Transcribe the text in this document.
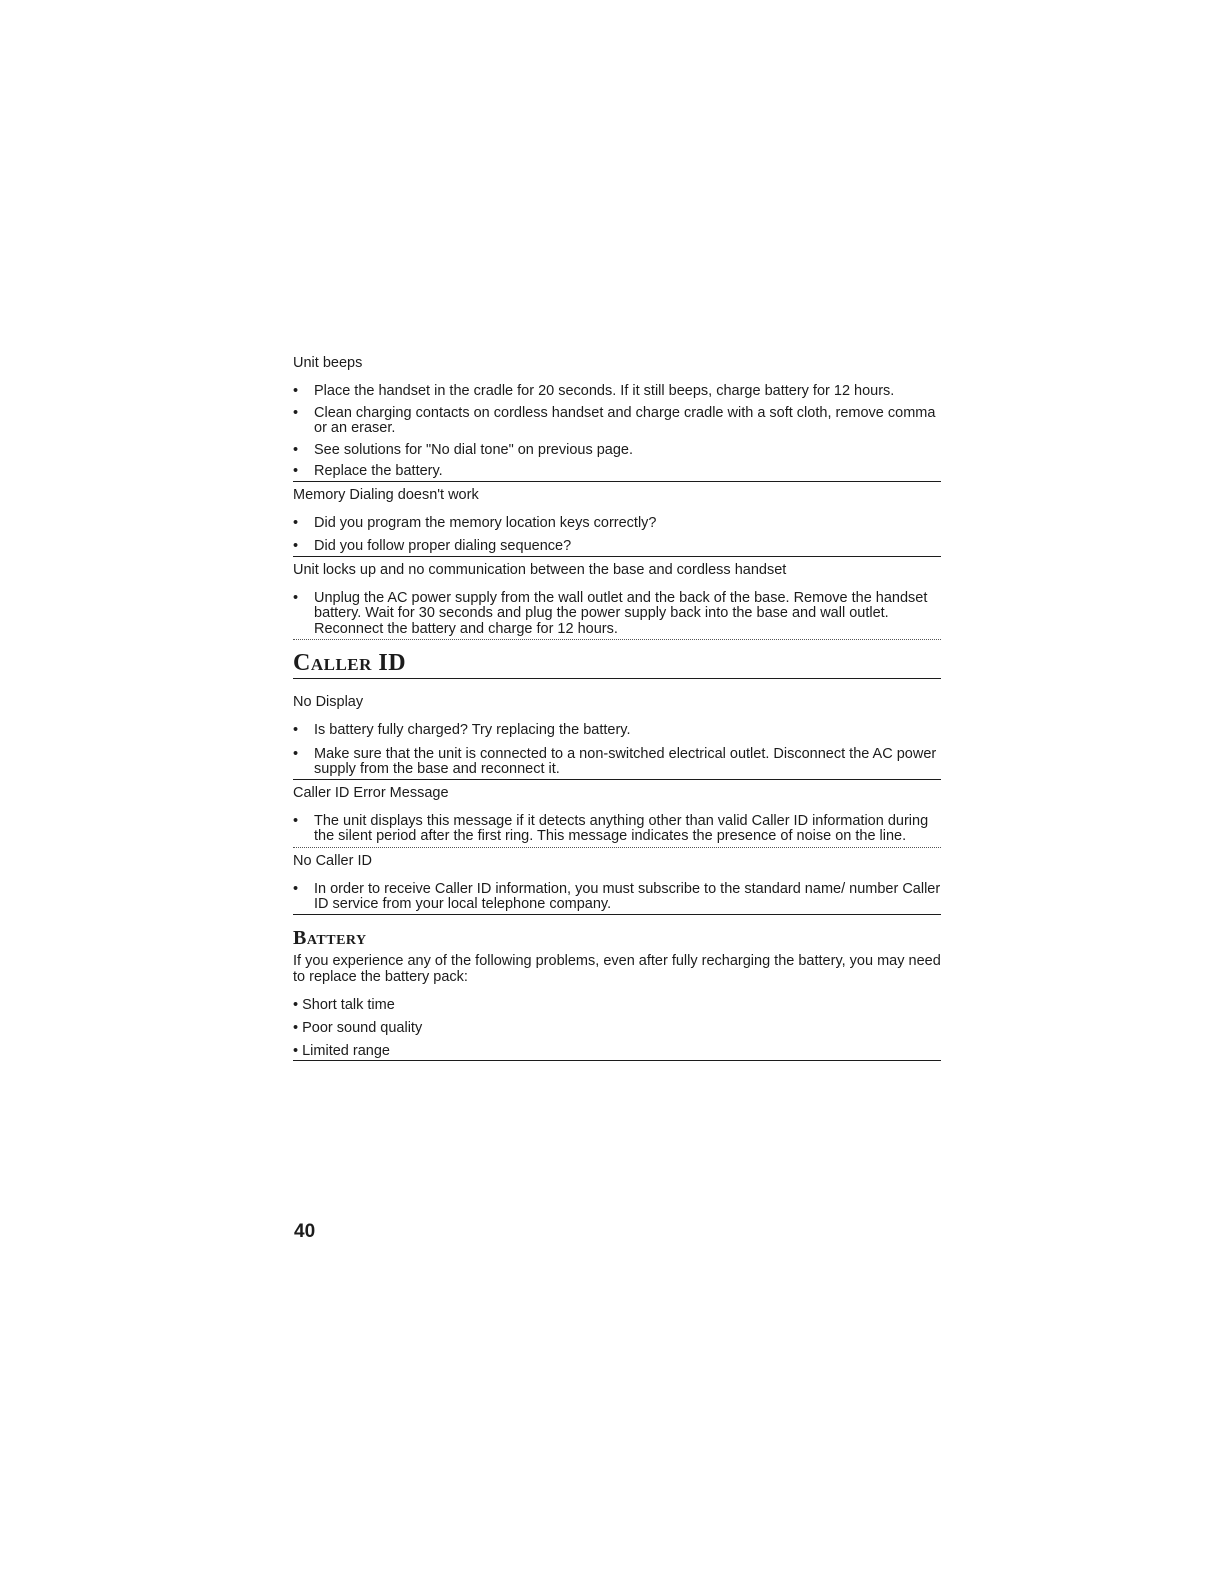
Unit beeps

• Place the handset in the cradle for 20 seconds. If it still beeps, charge battery for 12 hours.
• Clean charging contacts on cordless handset and charge cradle with a soft cloth, remove comma or an eraser.
• See solutions for "No dial tone" on previous page.
• Replace the battery.

Memory Dialing doesn't work

• Did you program the memory location keys correctly?
• Did you follow proper dialing sequence?

Unit locks up and no communication between the base and cordless handset

• Unplug the AC power supply from the wall outlet and the back of the base. Remove the handset battery. Wait for 30 seconds and plug the power supply back into the base and wall outlet. Reconnect the battery and charge for 12 hours.
Caller ID

No Display

• Is battery fully charged? Try replacing the battery.
• Make sure that the unit is connected to a non-switched electrical outlet. Disconnect the AC power supply from the base and reconnect it.

Caller ID Error Message

• The unit displays this message if it detects anything other than valid Caller ID information during the silent period after the first ring. This message indicates the presence of noise on the line.

No Caller ID

• In order to receive Caller ID information, you must subscribe to the standard name/ number Caller ID service from your local telephone company.
Battery

If you experience any of the following problems, even after fully recharging the battery, you may need to replace the battery pack:

• Short talk time
• Poor sound quality
• Limited range
40
